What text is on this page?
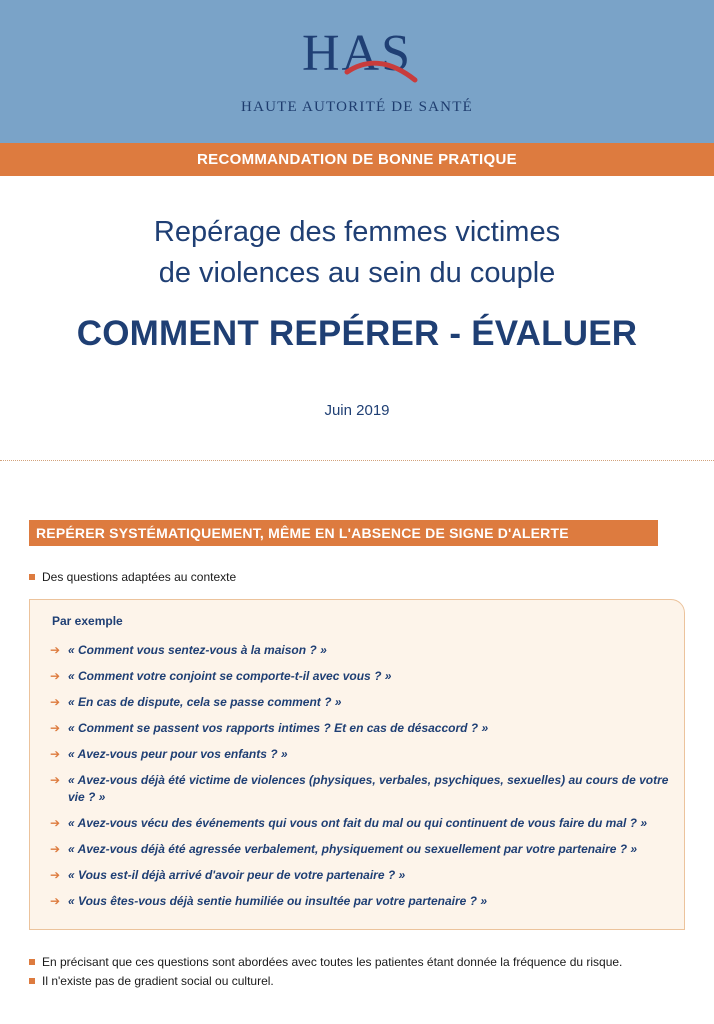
HAS
HAUTE AUTORITÉ DE SANTÉ
RECOMMANDATION DE BONNE PRATIQUE
Repérage des femmes victimes
de violences au sein du couple
COMMENT REPÉRER - ÉVALUER
Juin 2019
REPÉRER SYSTÉMATIQUEMENT, MÊME EN L'ABSENCE DE SIGNE D'ALERTE
Des questions adaptées au contexte
Par exemple
➔ « Comment vous sentez-vous à la maison ? »
➔ « Comment votre conjoint se comporte-t-il avec vous ? »
➔ « En cas de dispute, cela se passe comment ? »
➔ « Comment se passent vos rapports intimes ? Et en cas de désaccord ? »
➔ « Avez-vous peur pour vos enfants ? »
➔ « Avez-vous déjà été victime de violences (physiques, verbales, psychiques, sexuelles) au cours de votre vie ? »
➔ « Avez-vous vécu des événements qui vous ont fait du mal ou qui continuent de vous faire du mal ? »
➔ « Avez-vous déjà été agressée verbalement, physiquement ou sexuellement par votre partenaire ? »
➔ « Vous est-il déjà arrivé d'avoir peur de votre partenaire ? »
➔ « Vous êtes-vous déjà sentie humiliée ou insultée par votre partenaire ? »
En précisant que ces questions sont abordées avec toutes les patientes étant donnée la fréquence du risque.
Il n'existe pas de gradient social ou culturel.
